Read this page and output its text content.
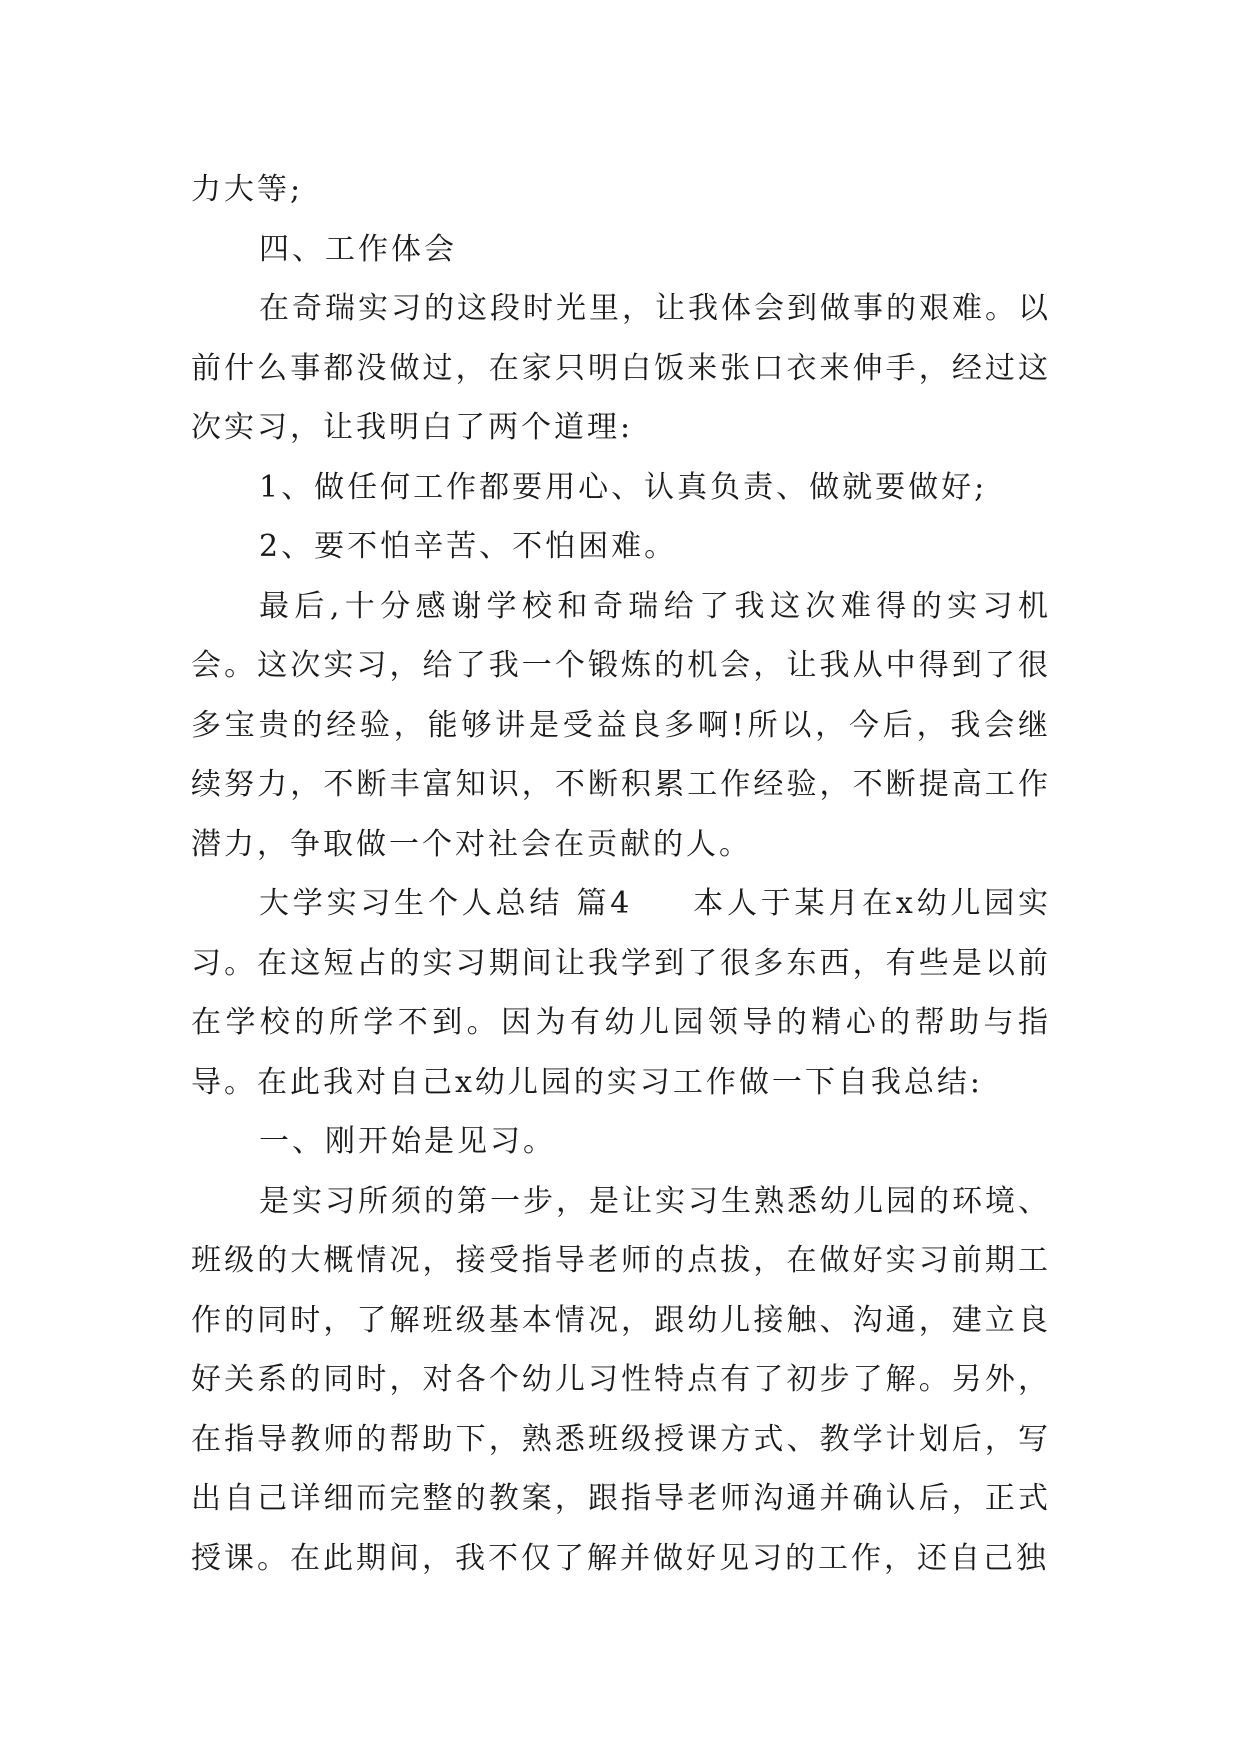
力大等;

四、工作体会

在奇瑞实习的这段时光里，让我体会到做事的艰难。以前什么事都没做过，在家只明白饭来张口衣来伸手，经过这次实习，让我明白了两个道理:

1、做任何工作都要用心、认真负责、做就要做好;

2、要不怕辛苦、不怕困难。

最后,十分感谢学校和奇瑞给了我这次难得的实习机会。这次实习，给了我一个锻炼的机会，让我从中得到了很多宝贵的经验，能够讲是受益良多啊!所以，今后，我会继续努力，不断丰富知识，不断积累工作经验，不断提高工作潜力，争取做一个对社会在贡献的人。

大学实习生个人总结 篇4 本人于某月在x幼儿园实习。在这短占的实习期间让我学到了很多东西，有些是以前在学校的所学不到。因为有幼儿园领导的精心的帮助与指导。在此我对自己x幼儿园的实习工作做一下自我总结:

一、刚开始是见习。

是实习所须的第一步，是让实习生熟悉幼儿园的环境、班级的大概情况，接受指导老师的点拔，在做好实习前期工作的同时，了解班级基本情况，跟幼儿接触、沟通，建立良好关系的同时，对各个幼儿习性特点有了初步了解。另外，在指导教师的帮助下，熟悉班级授课方式、教学计划后，写出自己详细而完整的教案，跟指导老师沟通并确认后，正式授课。在此期间，我不仅了解并做好见习的工作，还自己独
